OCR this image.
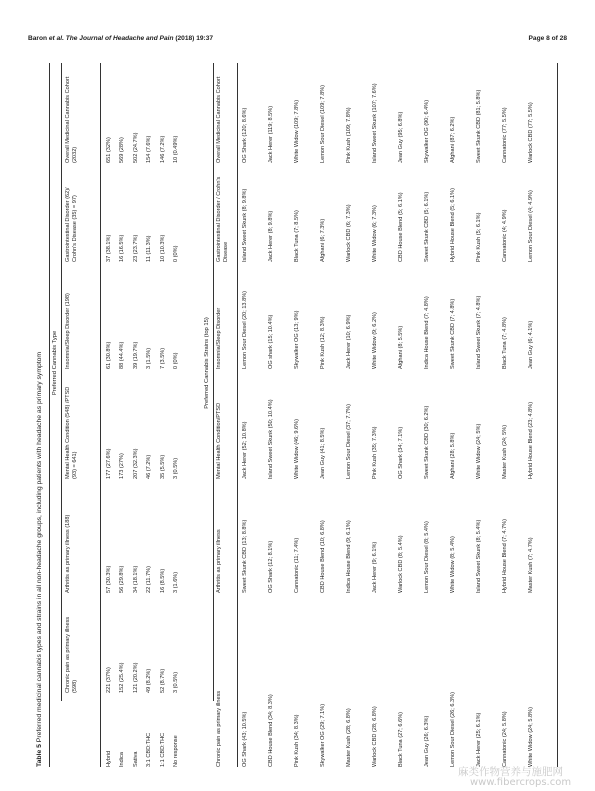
Baron et al. The Journal of Headache and Pain (2018) 19:37	Page 8 of 28
Table 5 Preferred medicinal cannabis types and strains in all non-headache groups, including patients with headache as primary symptom Preferred Cannabis Type
Chronic pain as primary illness (598)
Arthritis as primary illness (188)
Mental Health Condition (548) /PTSD (93) = 641)
Insomnia/Sleep Disorder (198)
Gastrointestinal Disorder (62)/ Crohn's Disease (35) = 97)
Overall Medicinal Cannabis Cohort (2032)
Hybrid
221 (37%)
57 (30.3%)
177 (27.6%)
61 (30.8%)
37 (38.1%)
651 (32%)
Indica
152 (25.4%)
56 (29.8%)
173 (27%)
88 (44.4%)
16 (16.5%)
569 (28%)
Sativa
121 (20.2%)
34 (18.1%)
207 (32.3%)
39 (19.7%)
23 (23.7%)
502 (24.7%)
3:1 CBD:THC
49 (8.2%)
22 (11.7%)
46 (7.2%)
3 (1.5%)
11 (11.3%)
154 (7.6%)
1:1 CBD:THC
52 (8.7%)
16 (8.5%)
35 (5.5%)
7 (3.5%)
10 (10.3%)
146 (7.2%)
No response
3 (0.5%)
3 (1.6%)
3 (0.5%)
0 (0%)
0 (0%)
10 (0.49%)
Preferred Cannabis Strains (top 15)
Chronic pain as primary illness
Arthritis as primary illness
Mental Health Condition/PTSD
Insomnia/Sleep Disorder
Gastrointestinal Disorder / Crohn's Disease
Overall Medicinal Cannabis Cohort
OG Shark (43; 10.5%)
Sweet Skunk CBD (13; 8.8%)
Jack Herer (52; 10.8%)
Lemon Sour Diesel (20; 13.8%)
Island Sweet Skunk (8; 9.8%)
OG Shark (120; 8.6%)
CBD House Blend (34; 8.3%)
OG Shark (12; 8.1%)
Island Sweet Skunk (50; 10.4%)
OG shark (15; 10.4%)
Jack Herer (8; 9.8%)
Jack Herer (119; 8.5%)
Pink Kush (34; 8.3%)
Cannatonic (11; 7.4%)
White Widow (46; 9.6%)
Skywalker OG (13; 9%)
Black Tuna (7; 8.5%)
White Widow (109; 7.8%)
Skywalker OG (29; 7.1%)
CBD House Blend (10; 6.8%)
Jean Guy (41; 8.5%)
Pink Kush (12; 8.3%)
Afghani (6; 7.3%)
Lemon Sour Diesel (109; 7.8%)
Master Kush (28; 6.8%)
Indica House Blend (9; 6.1%)
Lemon Sour Diesel (37; 7.7%)
Jack Herer (10; 6.9%)
Warlock CBD (6; 7.3%)
Pink Kush (109; 7.8%)
Warlock CBD (28; 6.8%)
Jack Herer (9; 6.1%)
Pink Kush (35; 7.3%)
White Widow (9; 6.2%)
White Widow (6; 7.3%)
Island Sweet Skunk (107; 7.6%)
Black Tuna (27; 6.6%)
Warlock CBD (8; 5.4%)
OG Shark (34; 7.1%)
Afghani (8; 5.5%)
CBD House Blend (5; 6.1%)
Jean Guy (95; 6.8%)
Jean Guy (26; 6.3%)
Lemon Sour Diesel (8; 5.4%)
Sweet Skunk CBD (30; 6.2%)
Indica House Blend (7; 4.8%)
Sweet Skunk CBD (5; 6.1%)
Skywalker OG (90; 6.4%)
Lemon Sour Diesel (26; 6.3%)
White Widow (8; 5.4%)
Afghani (28; 5.8%)
Sweet Skunk CBD (7; 4.8%)
Hybrid House Blend (5; 6.1%)
Afghani (87; 6.2%)
Jack Herer (25; 6.1%)
Island Sweet Skunk (8; 5.4%)
White Widow (24; 5%)
Island Sweet Skunk (7; 4.8%)
Pink Kush (5; 6.1%)
Sweet Skunk CBD (81; 5.8%)
Cannatonic (24; 5.8%)
Hybrid House Blend (7; 4.7%)
Master Kush (24; 5%)
Black Tuna (7; 4.8%)
Cannatonic (4; 4.9%)
Cannatonic (77; 5.5%)
White Widow (24; 5.8%)
Master Kush (7; 4.7%)
Hybrid House Blend (23; 4.8%)
Jean Guy (6; 4.1%)
Lemon Sour Diesel (4; 4.9%)
Warlock CBD (77; 5.5%)
麻类作物营养与施肥网
www.fibercrops.com
